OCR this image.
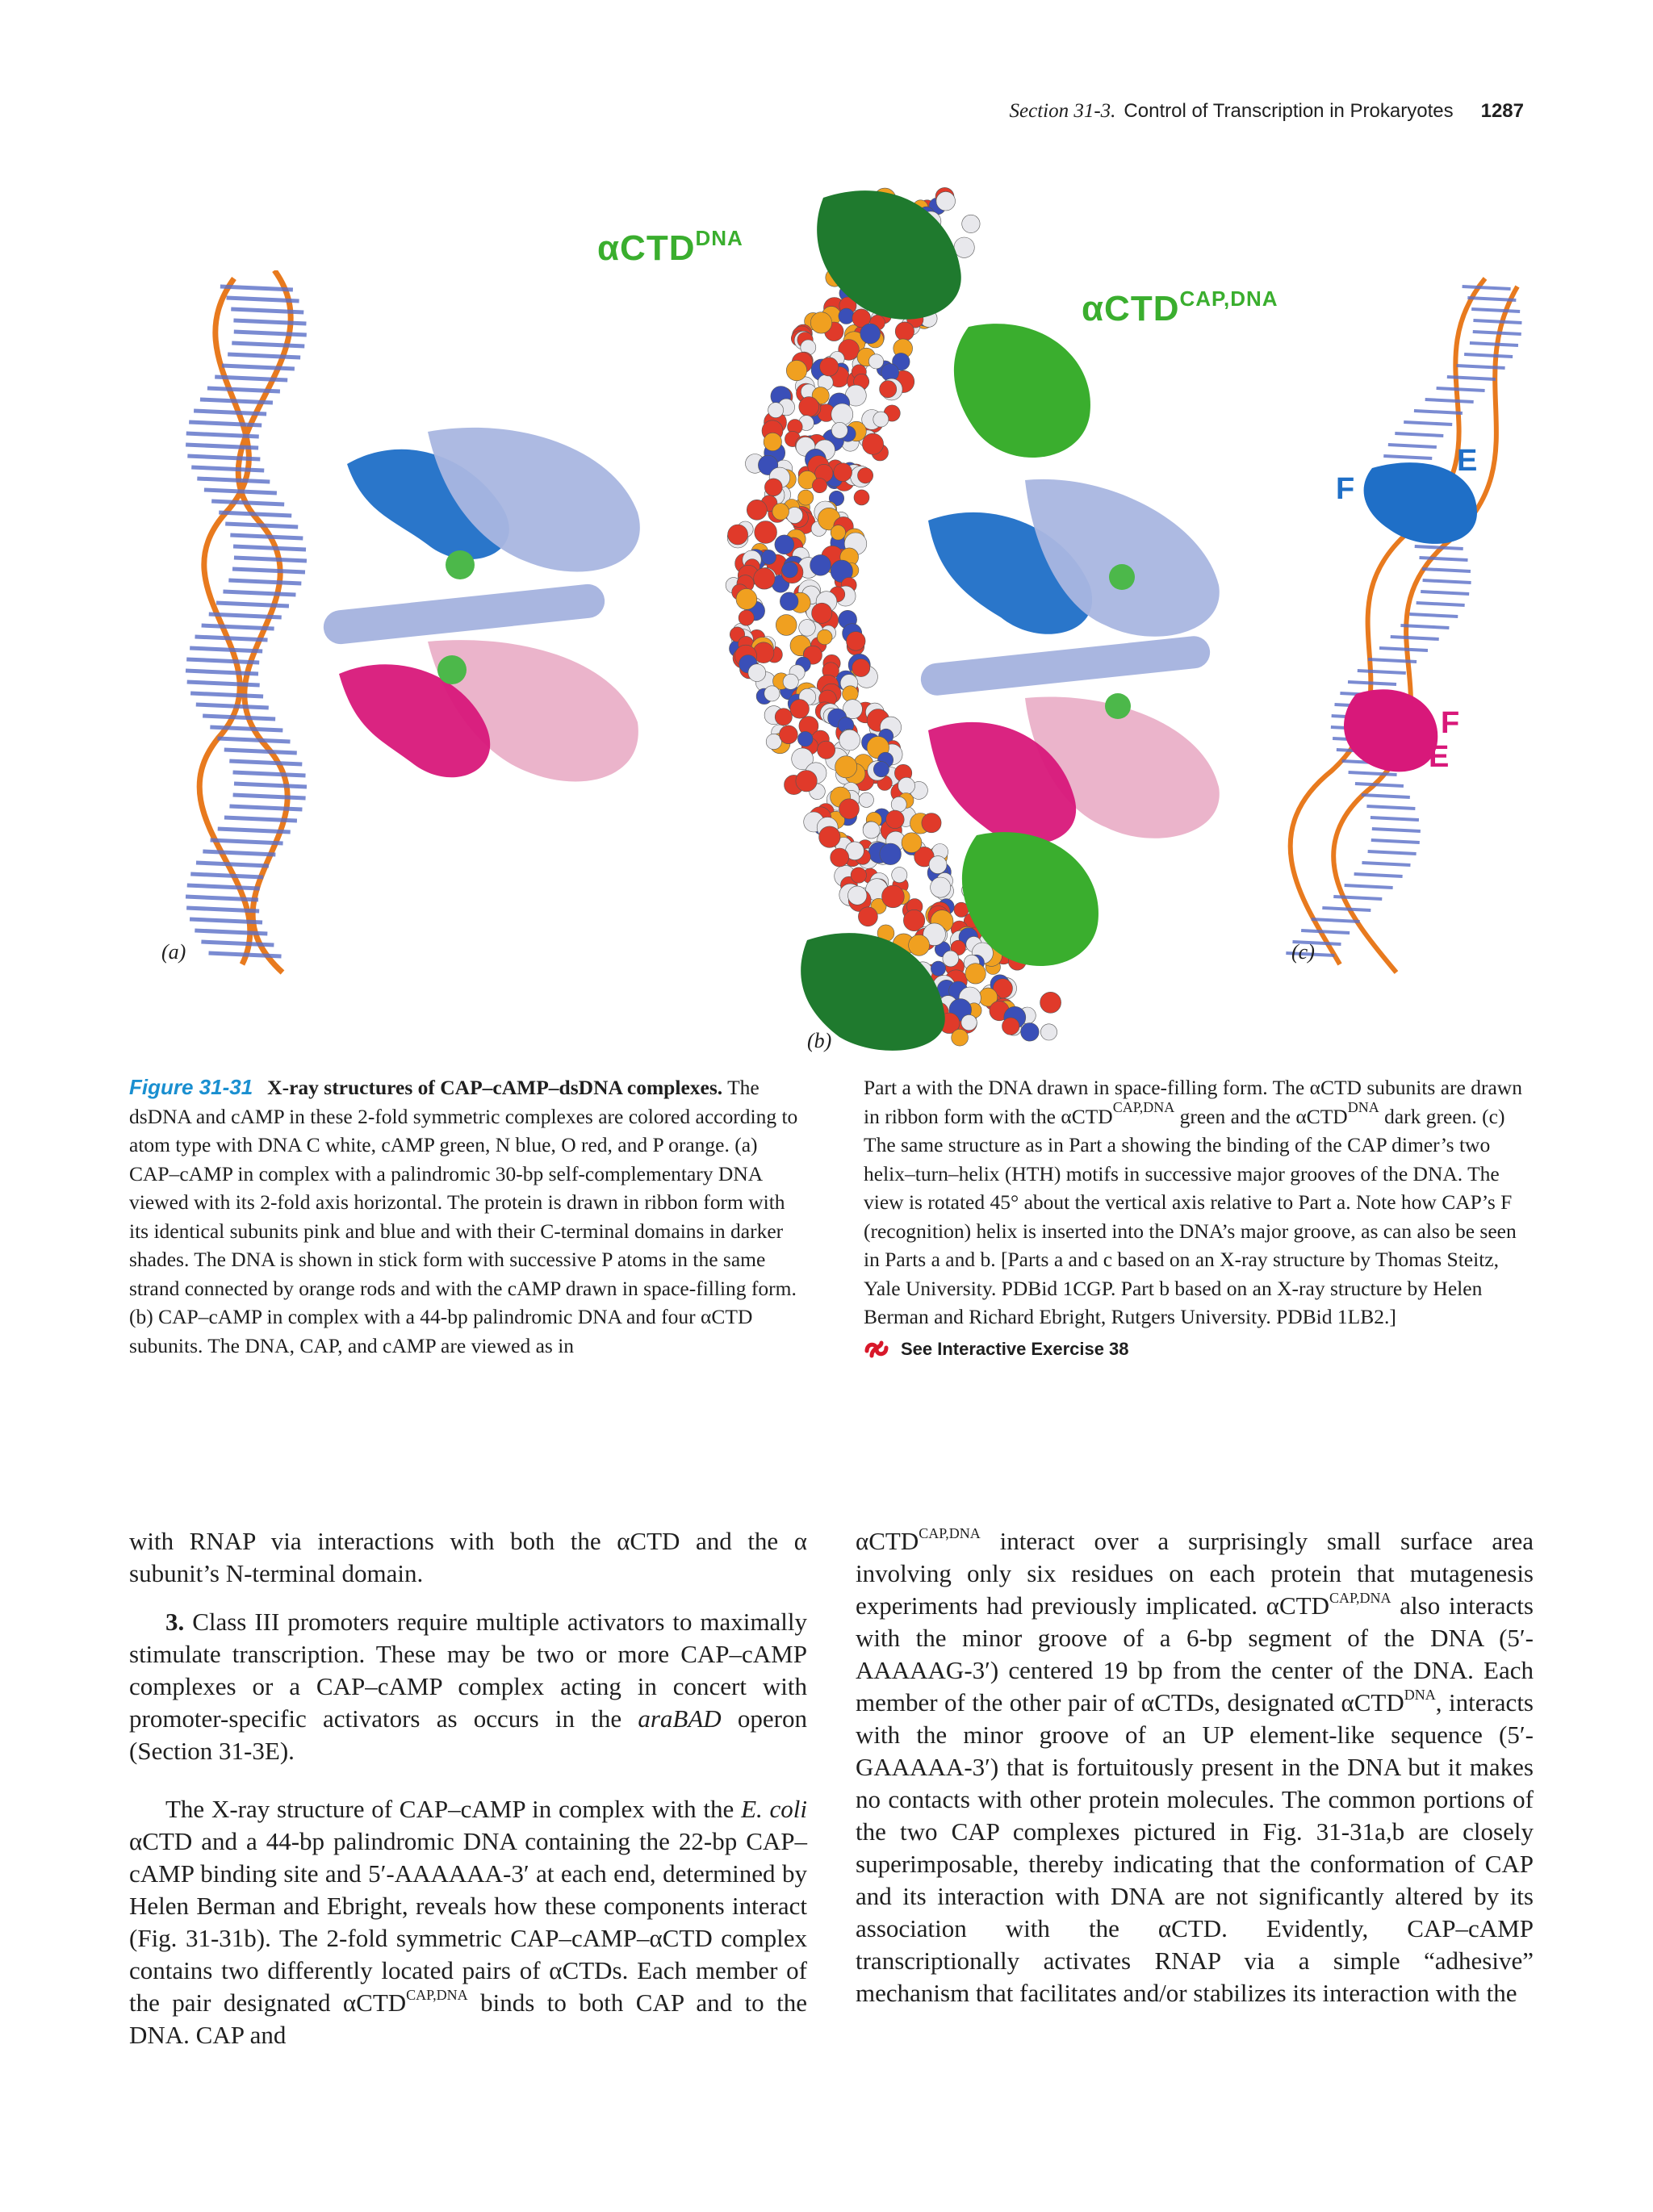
Section 31-3. Control of Transcription in Prokaryotes 1287
(a)
αCTD$^{DNA}$
αCTD$^{CAP,DNA}$
(b)
E
F
F
E
(c)
Figure 31-31 X-ray structures of CAP–cAMP–dsDNA complexes. The dsDNA and cAMP in these 2-fold symmetric complexes are colored according to atom type with DNA C white, cAMP green, N blue, O red, and P orange. (a) CAP–cAMP in complex with a palindromic 30-bp self-complementary DNA viewed with its 2-fold axis horizontal. The protein is drawn in ribbon form with its identical subunits pink and blue and with their C-terminal domains in darker shades. The DNA is shown in stick form with successive P atoms in the same strand connected by orange rods and with the cAMP drawn in space-filling form. (b) CAP–cAMP in complex with a 44-bp palindromic DNA and four αCTD subunits. The DNA, CAP, and cAMP are viewed as in
Part a with the DNA drawn in space-filling form. The αCTD subunits are drawn in ribbon form with the αCTD$^{CAP,DNA}$ green and the αCTD$^{DNA}$ dark green. (c) The same structure as in Part a showing the binding of the CAP dimer’s two helix–turn–helix (HTH) motifs in successive major grooves of the DNA. The view is rotated 45° about the vertical axis relative to Part a. Note how CAP’s F (recognition) helix is inserted into the DNA’s major groove, as can also be seen in Parts a and b. [Parts a and c based on an X-ray structure by Thomas Steitz, Yale University. PDBid 1CGP. Part b based on an X-ray structure by Helen Berman and Richard Ebright, Rutgers University. PDBid 1LB2.]
See Interactive Exercise 38

with RNAP via interactions with both the αCTD and the α subunit’s N-terminal domain.

3. Class III promoters require multiple activators to maximally stimulate transcription. These may be two or more CAP–cAMP complexes or a CAP–cAMP complex acting in concert with promoter-specific activators as occurs in the araBAD operon (Section 31-3E).

The X-ray structure of CAP–cAMP in complex with the E. coli αCTD and a 44-bp palindromic DNA containing the 22-bp CAP–cAMP binding site and 5′-AAAAAA-3′ at each end, determined by Helen Berman and Ebright, reveals how these components interact (Fig. 31-31b). The 2-fold symmetric CAP–cAMP–αCTD complex contains two differently located pairs of αCTDs. Each member of the pair designated αCTD$^{CAP,DNA}$ binds to both CAP and to the DNA. CAP and

αCTD$^{CAP,DNA}$ interact over a surprisingly small surface area involving only six residues on each protein that mutagenesis experiments had previously implicated. αCTD$^{CAP,DNA}$ also interacts with the minor groove of a 6-bp segment of the DNA (5′-AAAAAG-3′) centered 19 bp from the center of the DNA. Each member of the other pair of αCTDs, designated αCTD$^{DNA}$, interacts with the minor groove of an UP element-like sequence (5′-GAAAAA-3′) that is fortuitously present in the DNA but it makes no contacts with other protein molecules. The common portions of the two CAP complexes pictured in Fig. 31-31a,b are closely superimposable, thereby indicating that the conformation of CAP and its interaction with DNA are not significantly altered by its association with the αCTD. Evidently, CAP–cAMP transcriptionally activates RNAP via a simple “adhesive” mechanism that facilitates and/or stabilizes its interaction with the
